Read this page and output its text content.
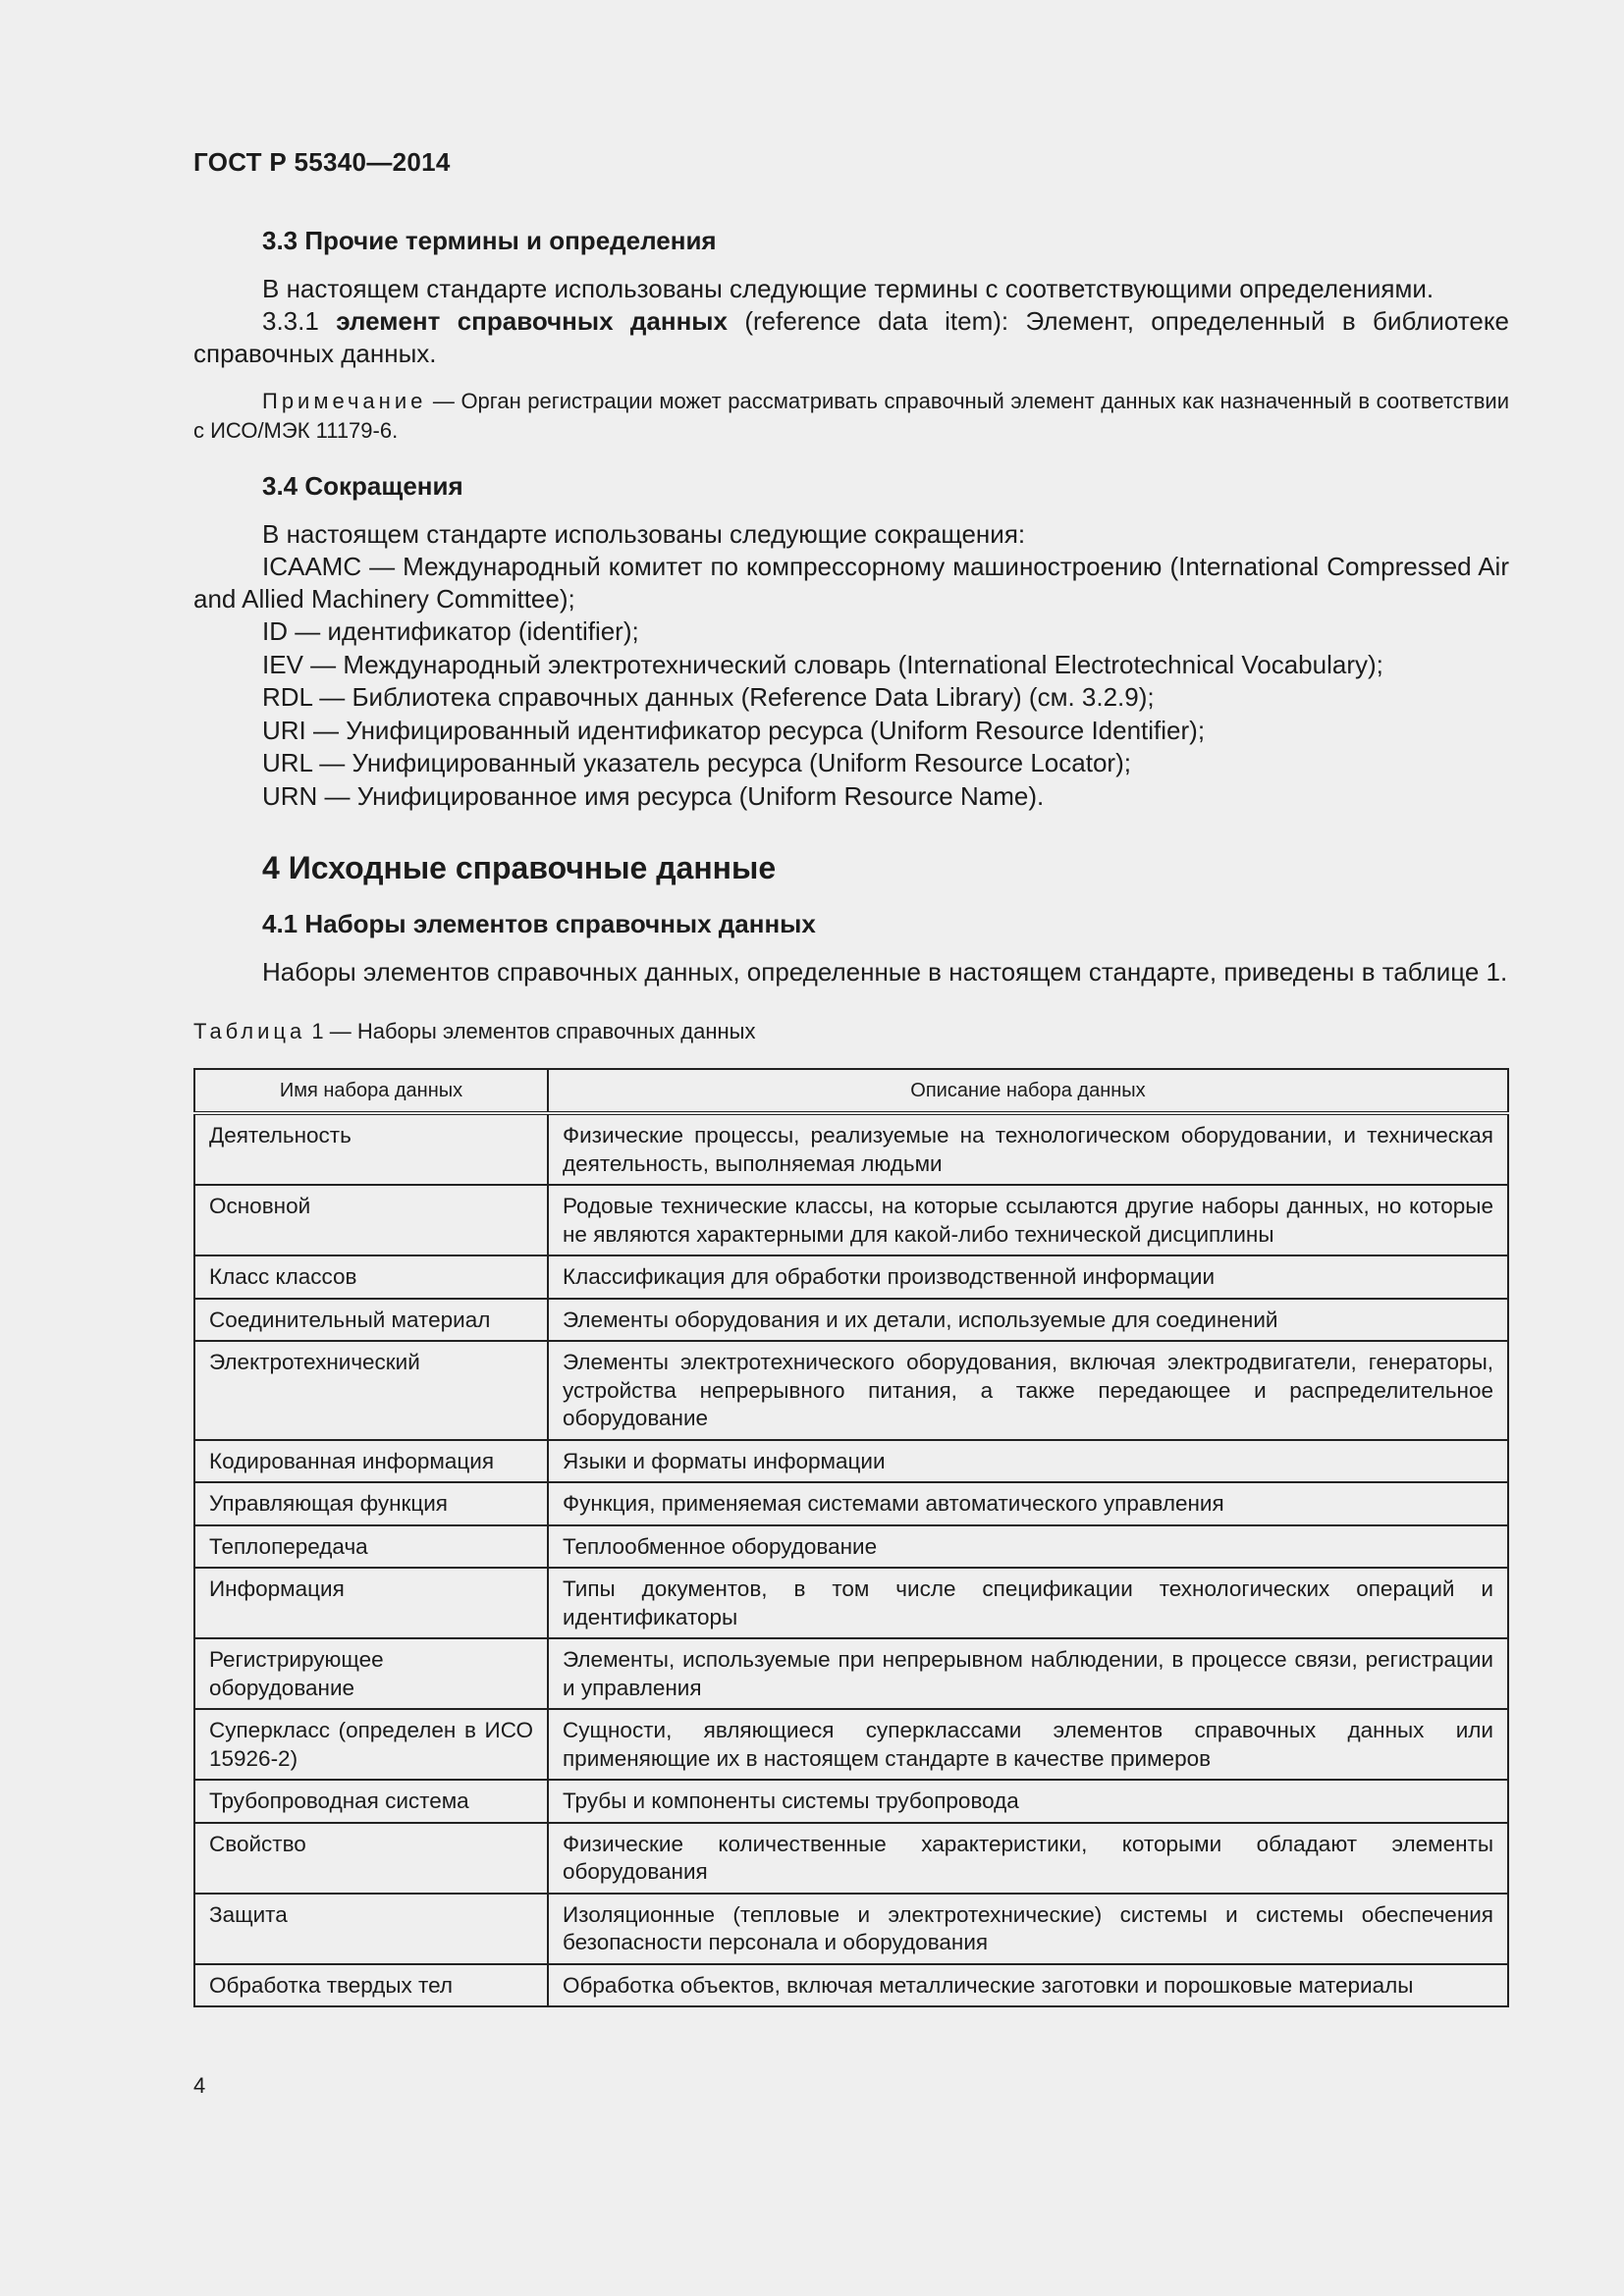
ГОСТ Р 55340—2014
3.3 Прочие термины и определения
В настоящем стандарте использованы следующие термины с соответствующими определениями.
3.3.1 элемент справочных данных (reference data item): Элемент, определенный в библиотеке справочных данных.
Примечание — Орган регистрации может рассматривать справочный элемент данных как назначенный в соответствии с ИСО/МЭК 11179-6.
3.4 Сокращения
В настоящем стандарте использованы следующие сокращения:
ICAAMC — Международный комитет по компрессорному машиностроению (International Compressed Air and Allied Machinery Committee);
ID — идентификатор (identifier);
IEV — Международный электротехнический словарь (International Electrotechnical Vocabulary);
RDL — Библиотека справочных данных (Reference Data Library) (см. 3.2.9);
URI — Унифицированный идентификатор ресурса (Uniform Resource Identifier);
URL — Унифицированный указатель ресурса (Uniform Resource Locator);
URN — Унифицированное имя ресурса (Uniform Resource Name).
4 Исходные справочные данные
4.1 Наборы элементов справочных данных
Наборы элементов справочных данных, определенные в настоящем стандарте, приведены в таблице 1.
Таблица 1 — Наборы элементов справочных данных
Имя набора данных	Описание набора данных
Деятельность	Физические процессы, реализуемые на технологическом оборудовании, и техническая деятельность, выполняемая людьми
Основной	Родовые технические классы, на которые ссылаются другие наборы данных, но которые не являются характерными для какой-либо технической дисциплины
Класс классов	Классификация для обработки производственной информации
Соединительный материал	Элементы оборудования и их детали, используемые для соединений
Электротехнический	Элементы электротехнического оборудования, включая электродвигатели, генераторы, устройства непрерывного питания, а также передающее и распределительное оборудование
Кодированная информация	Языки и форматы информации
Управляющая функция	Функция, применяемая системами автоматического управления
Теплопередача	Теплообменное оборудование
Информация	Типы документов, в том числе спецификации технологических операций и идентификаторы
Регистрирующее оборудование	Элементы, используемые при непрерывном наблюдении, в процессе связи, регистрации и управления
Суперкласс (определен в ИСО 15926-2)	Сущности, являющиеся суперклассами элементов справочных данных или применяющие их в настоящем стандарте в качестве примеров
Трубопроводная система	Трубы и компоненты системы трубопровода
Свойство	Физические количественные характеристики, которыми обладают элементы оборудования
Защита	Изоляционные (тепловые и электротехнические) системы и системы обеспечения безопасности персонала и оборудования
Обработка твердых тел	Обработка объектов, включая металлические заготовки и порошковые материалы
4
